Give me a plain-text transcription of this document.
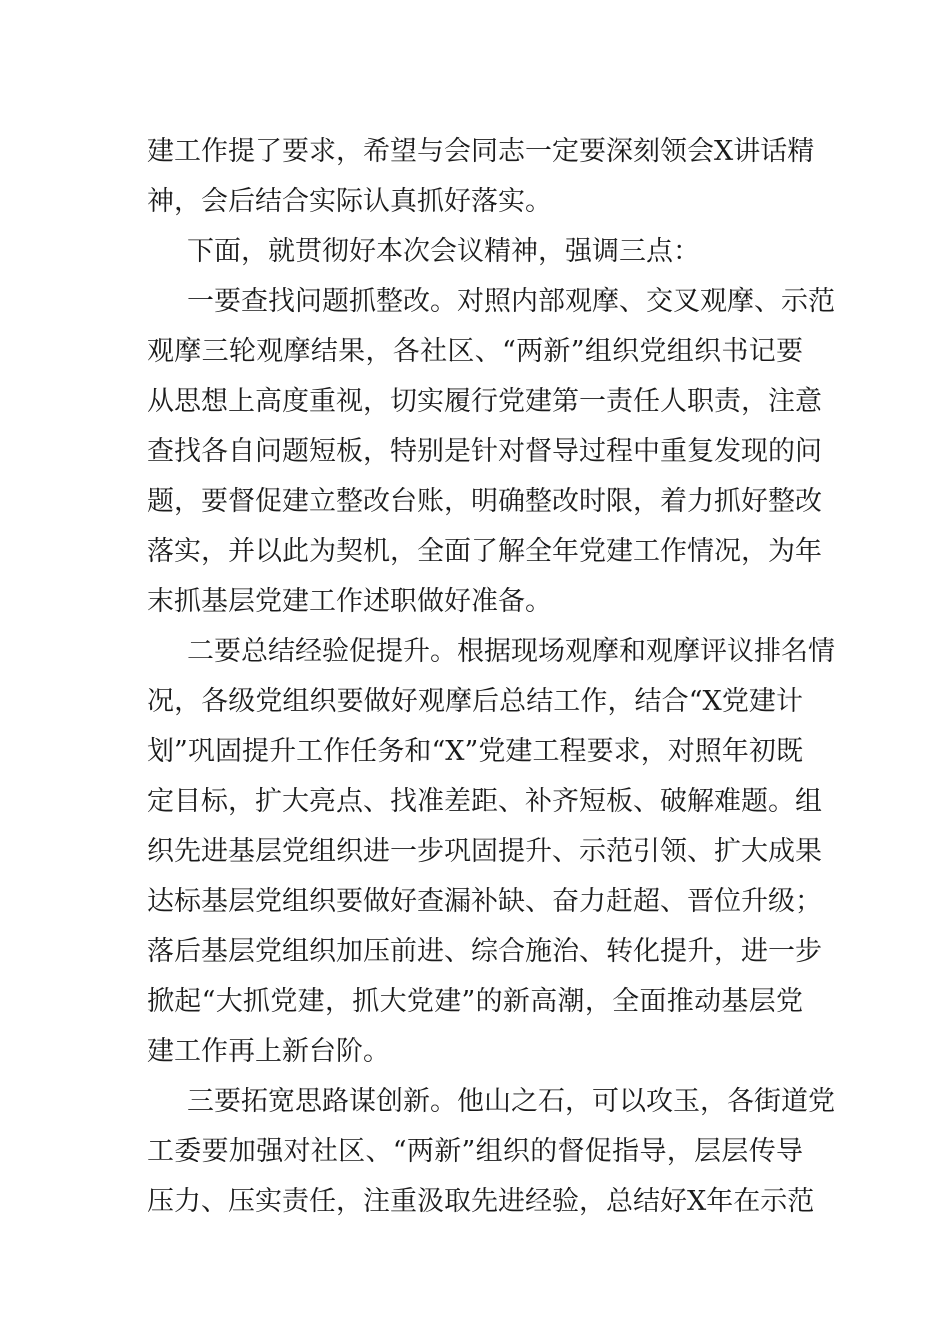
建工作提了要求，希望与会同志一定要深刻领会X讲话精
神，会后结合实际认真抓好落实。
下面，就贯彻好本次会议精神，强调三点：
一要查找问题抓整改。对照内部观摩、交叉观摩、示范
观摩三轮观摩结果，各社区、“两新”组织党组织书记要
从思想上高度重视，切实履行党建第一责任人职责，注意
查找各自问题短板，特别是针对督导过程中重复发现的问
题，要督促建立整改台账，明确整改时限，着力抓好整改
落实，并以此为契机，全面了解全年党建工作情况，为年
末抓基层党建工作述职做好准备。
二要总结经验促提升。根据现场观摩和观摩评议排名情
况，各级党组织要做好观摩后总结工作，结合“X党建计
划”巩固提升工作任务和“X”党建工程要求，对照年初既
定目标，扩大亮点、找准差距、补齐短板、破解难题。组
织先进基层党组织进一步巩固提升、示范引领、扩大成果
达标基层党组织要做好查漏补缺、奋力赶超、晋位升级；
落后基层党组织加压前进、综合施治、转化提升，进一步
掀起“大抓党建，抓大党建”的新高潮，全面推动基层党
建工作再上新台阶。
三要拓宽思路谋创新。他山之石，可以攻玉，各街道党
工委要加强对社区、“两新”组织的督促指导，层层传导
压力、压实责任，注重汲取先进经验，总结好X年在示范
